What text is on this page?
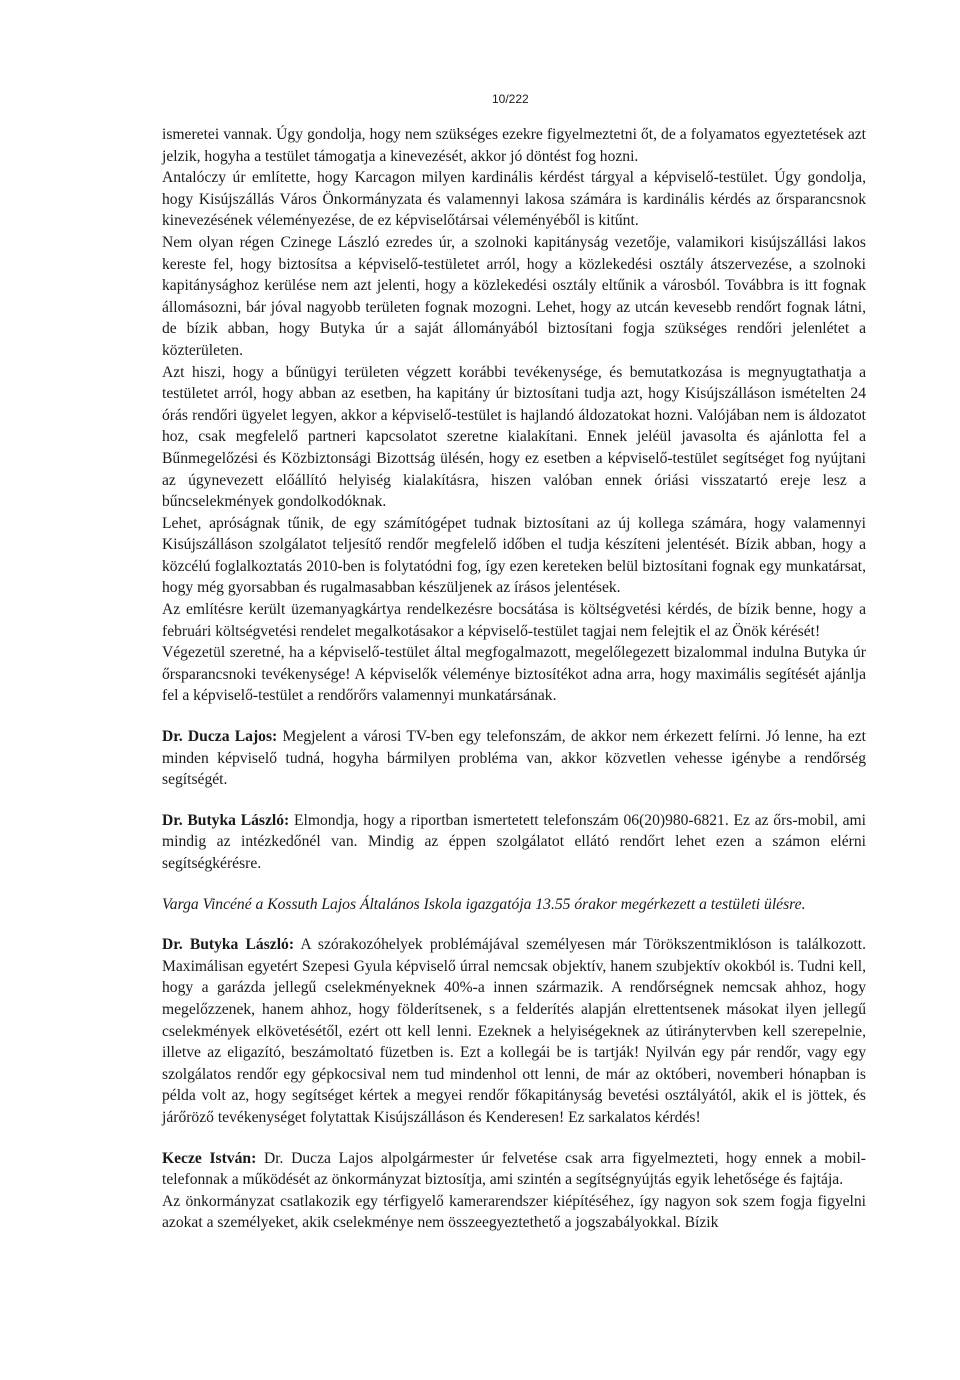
10/222

ismeretei vannak. Úgy gondolja, hogy nem szükséges ezekre figyelmeztetni őt, de a folyamatos egyeztetések azt jelzik, hogyha a testület támogatja a kinevezését, akkor jó döntést fog hozni.

Antalóczy úr említette, hogy Karcagon milyen kardinális kérdést tárgyal a képviselő-testület. Úgy gondolja, hogy Kisújszállás Város Önkormányzata és valamennyi lakosa számára is kardinális kérdés az őrsparancsnok kinevezésének véleményezése, de ez képviselőtársai véleményéből is kitűnt.

Nem olyan régen Czinege László ezredes úr, a szolnoki kapitányság vezetője, valamikori kisújszállási lakos kereste fel, hogy biztosítsa a képviselő-testületet arról, hogy a közlekedési osztály átszervezése, a szolnoki kapitánysághoz kerülése nem azt jelenti, hogy a közlekedési osztály eltűnik a városból. Továbbra is itt fognak állomásozni, bár jóval nagyobb területen fognak mozogni. Lehet, hogy az utcán kevesebb rendőrt fognak látni, de bízik abban, hogy Butyka úr a saját állományából biztosítani fogja szükséges rendőri jelenlétet a közterületen.

Azt hiszi, hogy a bűnügyi területen végzett korábbi tevékenysége, és bemutatkozása is megnyugtathatja a testületet arról, hogy abban az esetben, ha kapitány úr biztosítani tudja azt, hogy Kisújszálláson ismételten 24 órás rendőri ügyelet legyen, akkor a képviselő-testület is hajlandó áldozatokat hozni. Valójában nem is áldozatot hoz, csak megfelelő partneri kapcsolatot szeretne kialakítani. Ennek jeléül javasolta és ajánlotta fel a Bűnmegelőzési és Közbiztonsági Bizottság ülésén, hogy ez esetben a képviselő-testület segítséget fog nyújtani az úgynevezett előállító helyiség kialakításra, hiszen valóban ennek óriási visszatartó ereje lesz a bűncselekmények gondolkodóknak.

Lehet, apróságnak tűnik, de egy számítógépet tudnak biztosítani az új kollega számára, hogy valamennyi Kisújszálláson szolgálatot teljesítő rendőr megfelelő időben el tudja készíteni jelentését. Bízik abban, hogy a közcélú foglalkoztatás 2010-ben is folytatódni fog, így ezen kereteken belül biztosítani fognak egy munkatársat, hogy még gyorsabban és rugalmasabban készüljenek az írásos jelentések.

Az említésre került üzemanyagkártya rendelkezésre bocsátása is költségvetési kérdés, de bízik benne, hogy a februári költségvetési rendelet megalkotásakor a képviselő-testület tagjai nem felejtik el az Önök kérését!

Végezetül szeretné, ha a képviselő-testület által megfogalmazott, megelőlegezett bizalommal indulna Butyka úr őrsparancsnoki tevékenysége! A képviselők véleménye biztosítékot adna arra, hogy maximális segítését ajánlja fel a képviselő-testület a rendőrőrs valamennyi munkatársának.

Dr. Ducza Lajos: Megjelent a városi TV-ben egy telefonszám, de akkor nem érkezett felírni. Jó lenne, ha ezt minden képviselő tudná, hogyha bármilyen probléma van, akkor közvetlen vehesse igénybe a rendőrség segítségét.

Dr. Butyka László: Elmondja, hogy a riportban ismertetett telefonszám 06(20)980-6821. Ez az őrs-mobil, ami mindig az intézkedőnél van. Mindig az éppen szolgálatot ellátó rendőrt lehet ezen a számon elérni segítségkérésre.

Varga Vincéné a Kossuth Lajos Általános Iskola igazgatója 13.55 órakor megérkezett a testületi ülésre.

Dr. Butyka László: A szórakozóhelyek problémájával személyesen már Törökszentmiklóson is találkozott. Maximálisan egyetért Szepesi Gyula képviselő úrral nemcsak objektív, hanem szubjektív okokból is. Tudni kell, hogy a garázda jellegű cselekményeknek 40%-a innen származik. A rendőrségnek nemcsak ahhoz, hogy megelőzzenek, hanem ahhoz, hogy földerítsenek, s a felderítés alapján elrettentsenek másokat ilyen jellegű cselekmények elkövetésétől, ezért ott kell lenni. Ezeknek a helyiségeknek az útiránytervben kell szerepelnie, illetve az eligazító, beszámoltató füzetben is. Ezt a kollegái be is tartják! Nyilván egy pár rendőr, vagy egy szolgálatos rendőr egy gépkocsival nem tud mindenhol ott lenni, de már az októberi, novemberi hónapban is példa volt az, hogy segítséget kértek a megyei rendőr főkapitányság bevetési osztályától, akik el is jöttek, és járőröző tevékenységet folytattak Kisújszálláson és Kenderesen! Ez sarkalatos kérdés!

Kecze István: Dr. Ducza Lajos alpolgármester úr felvetése csak arra figyelmezteti, hogy ennek a mobil-telefonnak a működését az önkormányzat biztosítja, ami szintén a segítségnyújtás egyik lehetősége és fajtája.

Az önkormányzat csatlakozik egy térfigyelő kamerarendszer kiépítéséhez, így nagyon sok szem fogja figyelni azokat a személyeket, akik cselekménye nem összeegyeztethető a jogszabályokkal. Bízik
